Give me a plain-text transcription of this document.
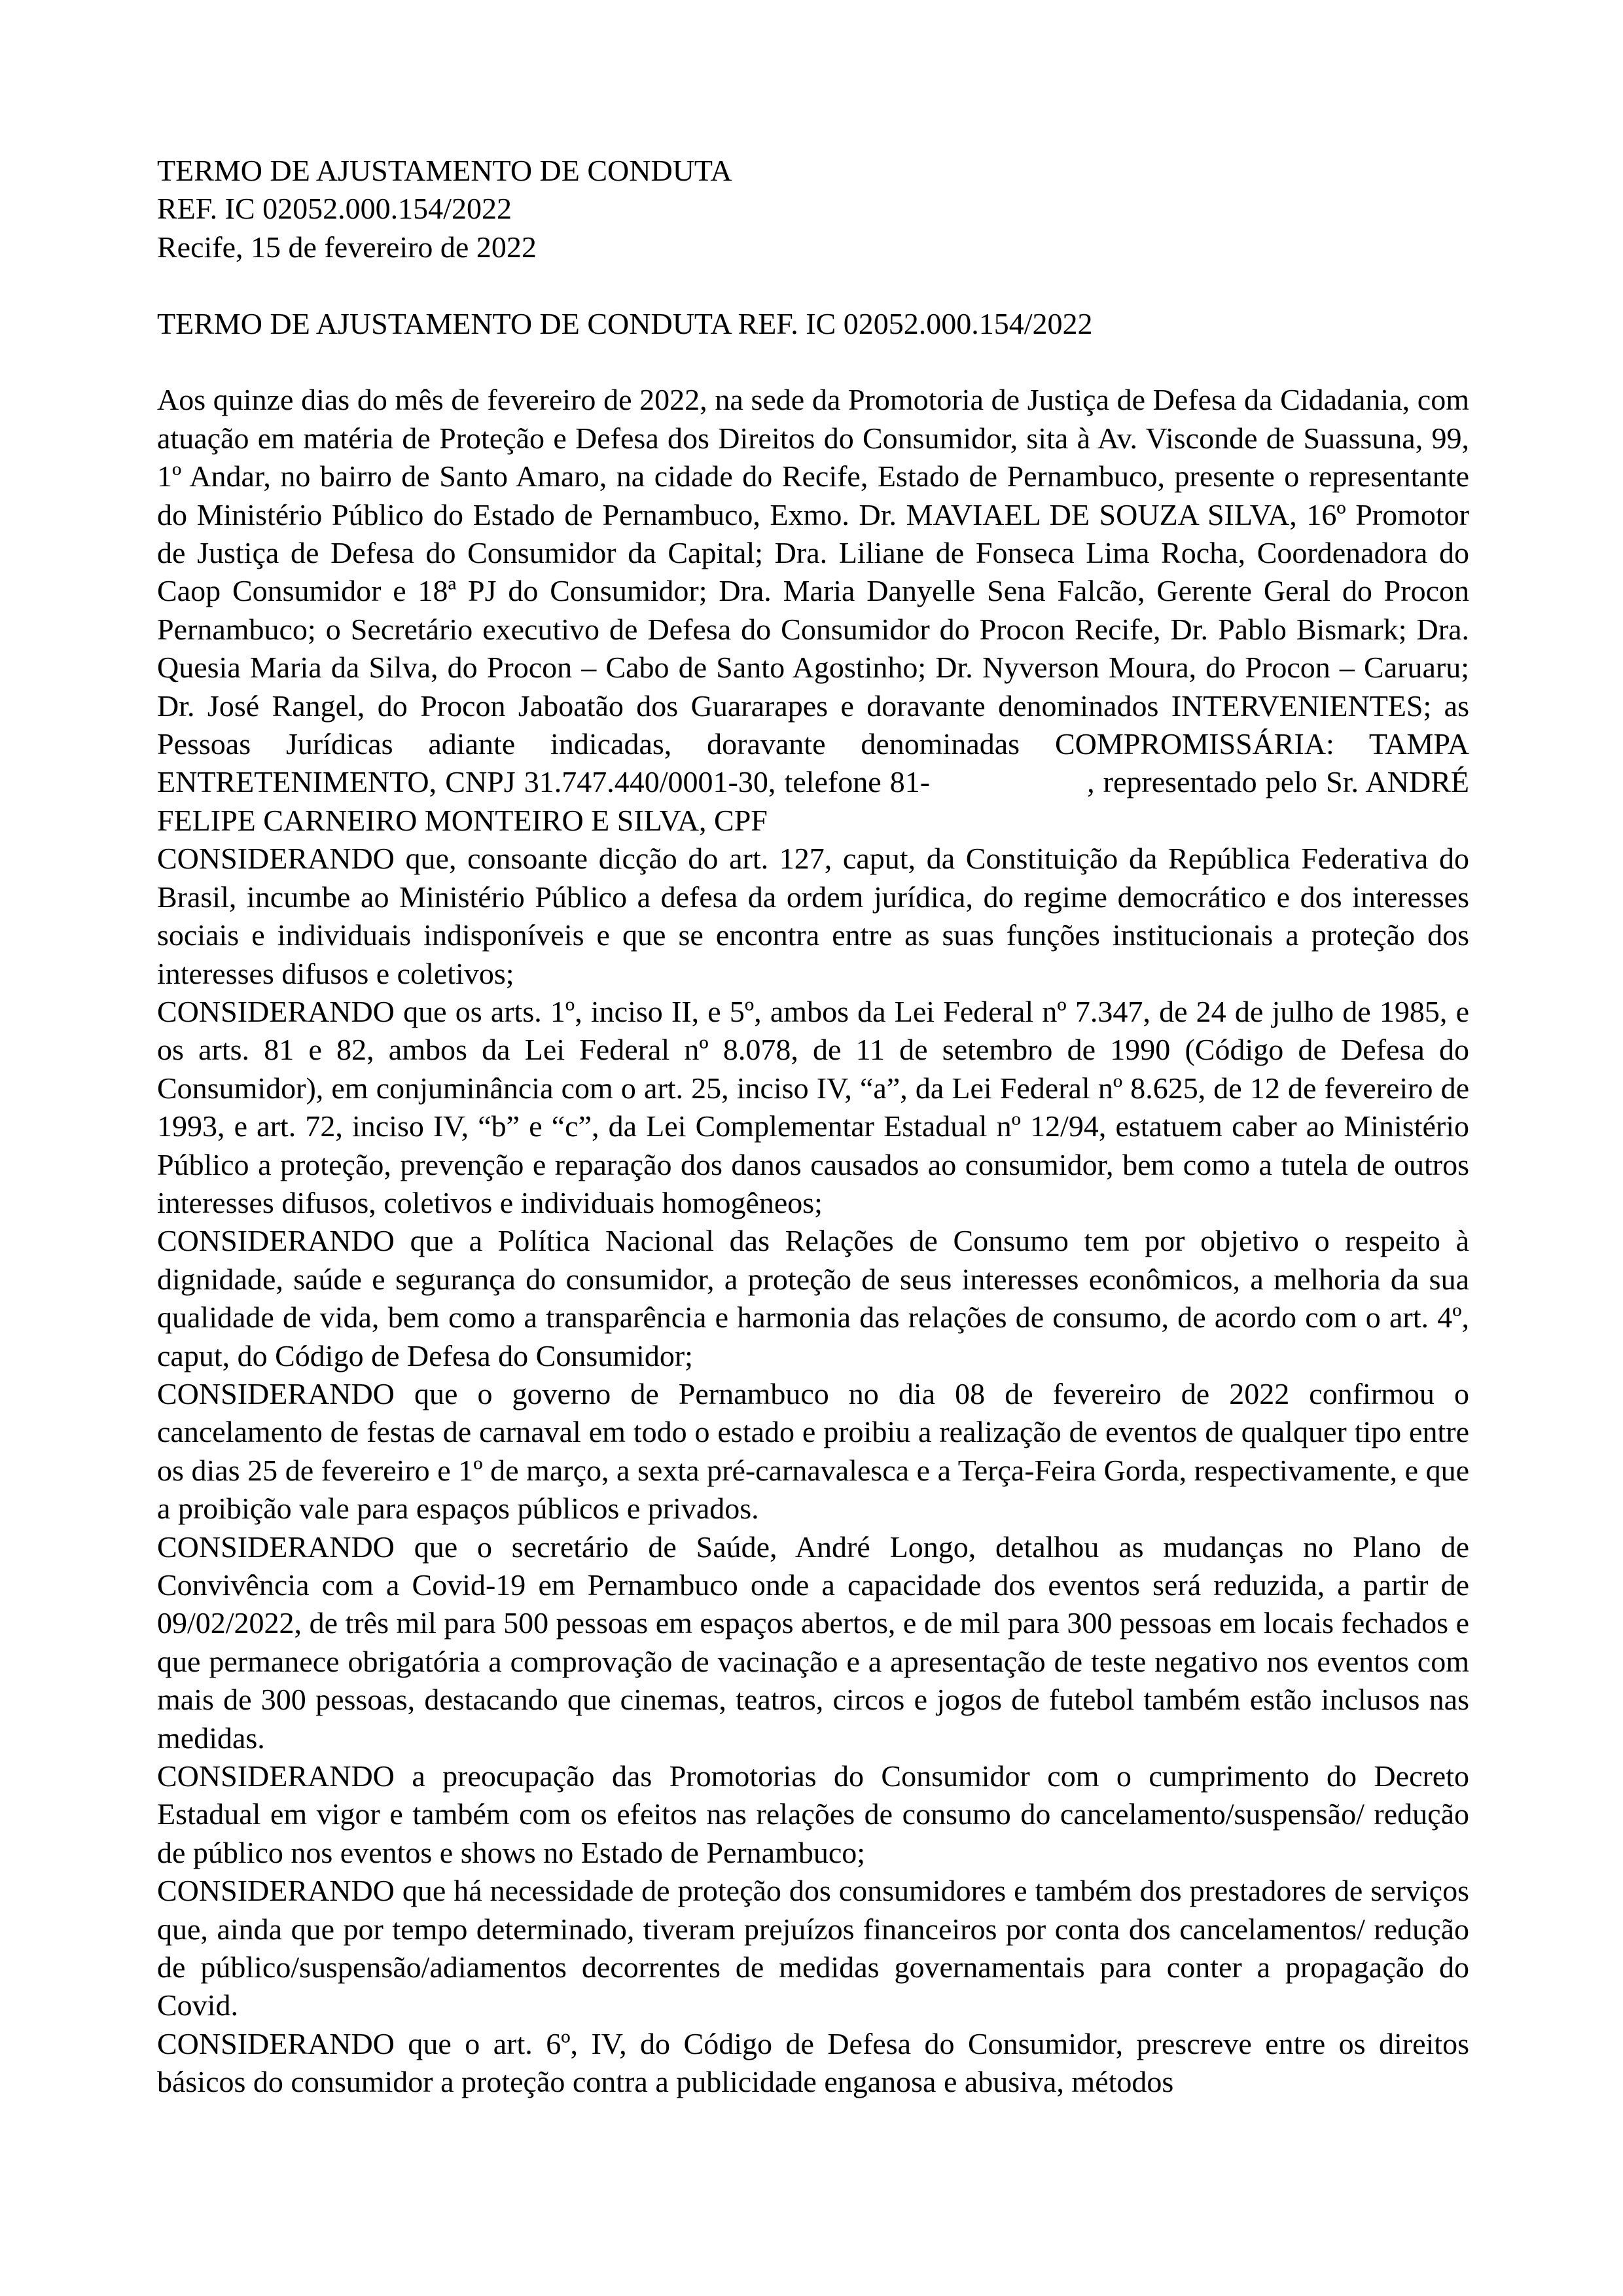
TERMO DE AJUSTAMENTO DE CONDUTA
REF. IC 02052.000.154/2022
Recife, 15 de fevereiro de 2022
TERMO DE AJUSTAMENTO DE CONDUTA REF. IC 02052.000.154/2022

Aos quinze dias do mês de fevereiro de 2022, na sede da Promotoria de Justiça de Defesa da Cidadania, com atuação em matéria de Proteção e Defesa dos Direitos do Consumidor, sita à Av. Visconde de Suassuna, 99, 1º Andar, no bairro de Santo Amaro, na cidade do Recife, Estado de Pernambuco, presente o representante do Ministério Público do Estado de Pernambuco, Exmo. Dr. MAVIAEL DE SOUZA SILVA, 16º Promotor de Justiça de Defesa do Consumidor da Capital; Dra. Liliane de Fonseca Lima Rocha, Coordenadora do Caop Consumidor e 18ª PJ do Consumidor; Dra. Maria Danyelle Sena Falcão, Gerente Geral do Procon Pernambuco; o Secretário executivo de Defesa do Consumidor do Procon Recife, Dr. Pablo Bismark; Dra. Quesia Maria da Silva, do Procon – Cabo de Santo Agostinho; Dr. Nyverson Moura, do Procon – Caruaru; Dr. José Rangel, do Procon Jaboatão dos Guararapes e doravante denominados INTERVENIENTES; as Pessoas Jurídicas adiante indicadas, doravante denominadas COMPROMISSÁRIA: TAMPA ENTRETENIMENTO, CNPJ 31.747.440/0001-30, telefone 81-	, representado pelo Sr. ANDRÉ FELIPE CARNEIRO MONTEIRO E SILVA, CPF

CONSIDERANDO que, consoante dicção do art. 127, caput, da Constituição da República Federativa do Brasil, incumbe ao Ministério Público a defesa da ordem jurídica, do regime democrático e dos interesses sociais e individuais indisponíveis e que se encontra entre as suas funções institucionais a proteção dos interesses difusos e coletivos;

CONSIDERANDO que os arts. 1º, inciso II, e 5º, ambos da Lei Federal nº 7.347, de 24 de julho de 1985, e os arts. 81 e 82, ambos da Lei Federal nº 8.078, de 11 de setembro de 1990 (Código de Defesa do Consumidor), em conjuminância com o art. 25, inciso IV, “a”, da Lei Federal nº 8.625, de 12 de fevereiro de 1993, e art. 72, inciso IV, “b” e “c”, da Lei Complementar Estadual nº 12/94, estatuem caber ao Ministério Público a proteção, prevenção e reparação dos danos causados ao consumidor, bem como a tutela de outros interesses difusos, coletivos e individuais homogêneos;

CONSIDERANDO que a Política Nacional das Relações de Consumo tem por objetivo o respeito à dignidade, saúde e segurança do consumidor, a proteção de seus interesses econômicos, a melhoria da sua qualidade de vida, bem como a transparência e harmonia das relações de consumo, de acordo com o art. 4º, caput, do Código de Defesa do Consumidor;

CONSIDERANDO que o governo de Pernambuco no dia 08 de fevereiro de 2022 confirmou o cancelamento de festas de carnaval em todo o estado e proibiu a realização de eventos de qualquer tipo entre os dias 25 de fevereiro e 1º de março, a sexta pré-carnavalesca e a Terça-Feira Gorda, respectivamente, e que a proibição vale para espaços públicos e privados.

CONSIDERANDO que o secretário de Saúde, André Longo, detalhou as mudanças no Plano de Convivência com a Covid-19 em Pernambuco onde a capacidade dos eventos será reduzida, a partir de 09/02/2022, de três mil para 500 pessoas em espaços abertos, e de mil para 300 pessoas em locais fechados e que permanece obrigatória a comprovação de vacinação e a apresentação de teste negativo nos eventos com mais de 300 pessoas, destacando que cinemas, teatros, circos e jogos de futebol também estão inclusos nas medidas.

CONSIDERANDO a preocupação das Promotorias do Consumidor com o cumprimento do Decreto Estadual em vigor e também com os efeitos nas relações de consumo do cancelamento/suspensão/ redução de público nos eventos e shows no Estado de Pernambuco;

CONSIDERANDO que há necessidade de proteção dos consumidores e também dos prestadores de serviços que, ainda que por tempo determinado, tiveram prejuízos financeiros por conta dos cancelamentos/ redução de público/suspensão/adiamentos decorrentes de medidas governamentais para conter a propagação do Covid.

CONSIDERANDO que o art. 6º, IV, do Código de Defesa do Consumidor, prescreve entre os direitos básicos do consumidor a proteção contra a publicidade enganosa e abusiva, métodos
